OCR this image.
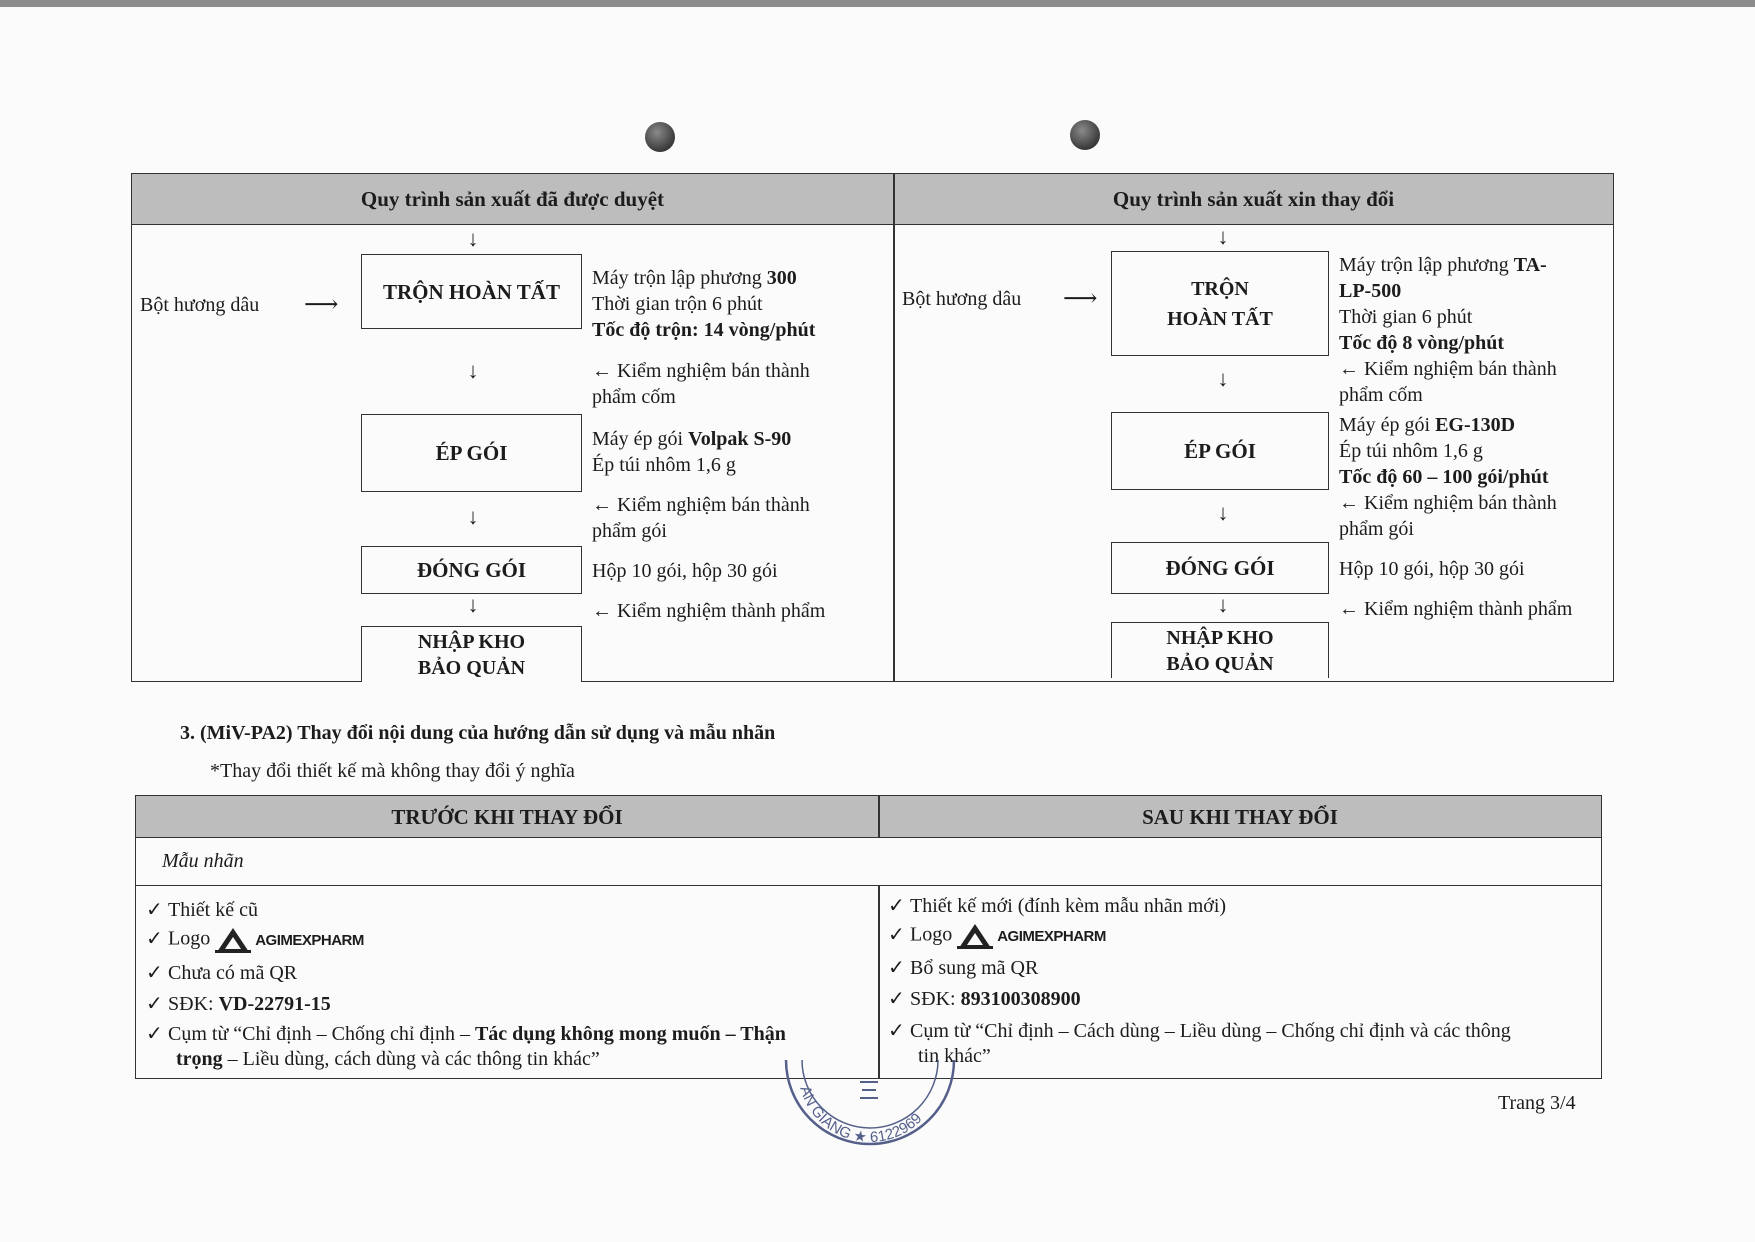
Quy trình sản xuất đã được duyệt	Quy trình sản xuất xin thay đổi
↓
Bột hương dâu ⟶
TRỘN HOÀN TẤT
Máy trộn lập phương 300
Thời gian trộn 6 phút
Tốc độ trộn: 14 vòng/phút
↓	← Kiểm nghiệm bán thành
phẩm cốm
ÉP GÓI
Máy ép gói Volpak S-90
Ép túi nhôm 1,6 g
↓	← Kiểm nghiệm bán thành
phẩm gói
ĐÓNG GÓI	Hộp 10 gói, hộp 30 gói
↓	← Kiểm nghiệm thành phẩm
NHẬP KHO BẢO QUẢN
↓
Bột hương dâu ⟶	TRỘN HOÀN TẤT
Máy trộn lập phương TA-
LP-500
Thời gian 6 phút
Tốc độ 8 vòng/phút
↓	← Kiểm nghiệm bán thành
phẩm cốm
ÉP GÓI
Máy ép gói EG-130D
Ép túi nhôm 1,6 g
Tốc độ 60 – 100 gói/phút
↓	← Kiểm nghiệm bán thành
phẩm gói
ĐÓNG GÓI	Hộp 10 gói, hộp 30 gói
↓	← Kiểm nghiệm thành phẩm
NHẬP KHO BẢO QUẢN
3. (MiV-PA2) Thay đổi nội dung của hướng dẫn sử dụng và mẫu nhãn
*Thay đổi thiết kế mà không thay đổi ý nghĩa
TRƯỚC KHI THAY ĐỔI	SAU KHI THAY ĐỔI
Mẫu nhãn
✓ Thiết kế cũ
✓ Logo	AGIMEXPHARM
✓ Chưa có mã QR
✓ SĐK: VD-22791-15
✓ Cụm từ “Chỉ định – Chống chỉ định – Tác dụng không mong muốn – Thận
trọng – Liều dùng, cách dùng và các thông tin khác”
✓ Thiết kế mới (đính kèm mẫu nhãn mới)
✓ Logo	AGIMEXPHARM
✓ Bổ sung mã QR
✓ SĐK: 893100308900
✓ Cụm từ “Chỉ định – Cách dùng – Liều dùng – Chống chỉ định và các thông
tin khác”
AN GIANG ★ 6122969
Trang 3/4
